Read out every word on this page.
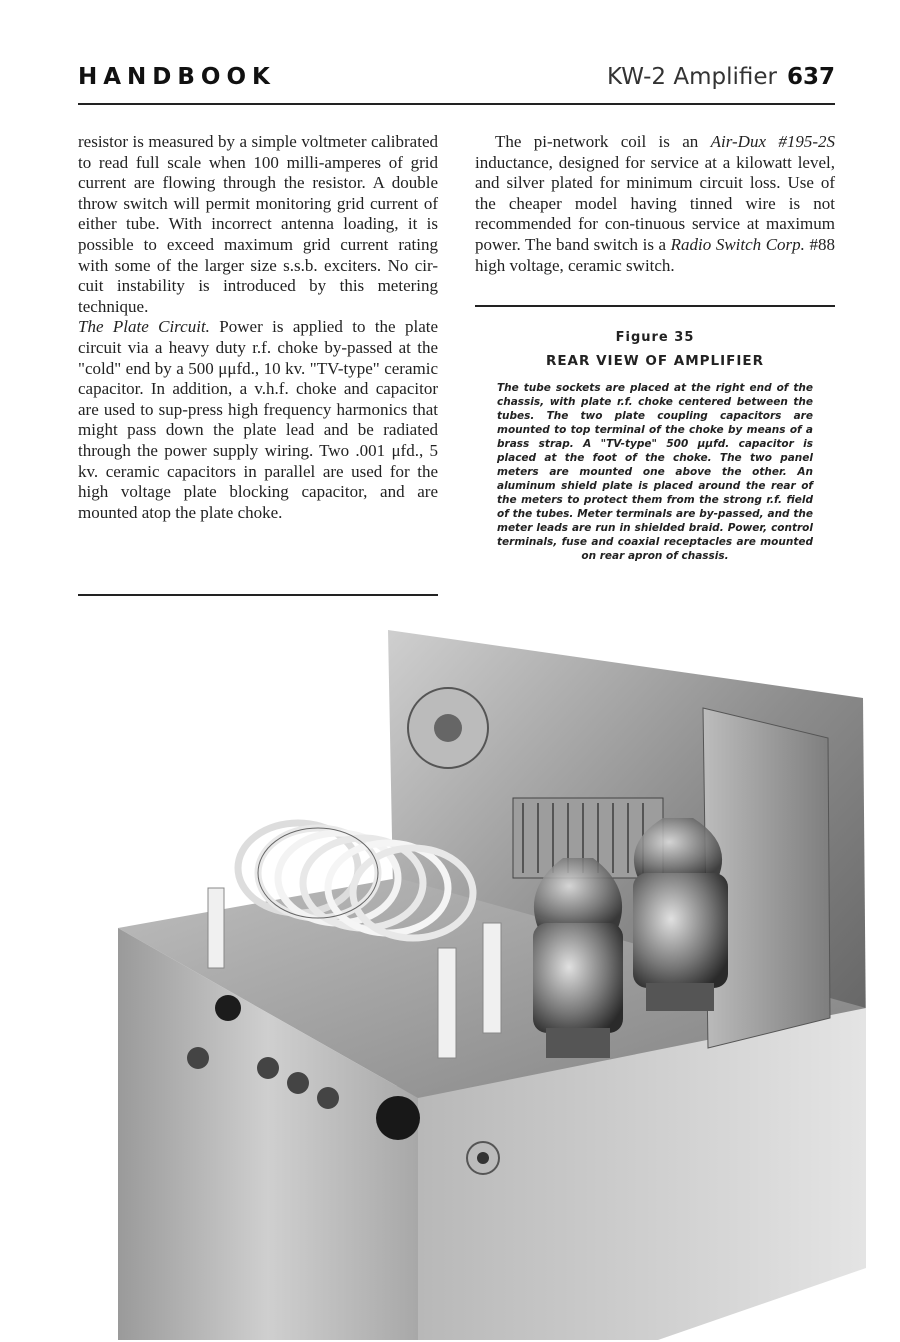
HANDBOOK	KW-2 Amplifier 637

resistor is measured by a simple voltmeter calibrated to read full scale when 100 milli-amperes of grid current are flowing through the resistor. A double throw switch will permit monitoring grid current of either tube. With incorrect antenna loading, it is possible to exceed maximum grid current rating with some of the larger size s.s.b. exciters. No cir-cuit instability is introduced by this metering technique.

The Plate Circuit. Power is applied to the plate circuit via a heavy duty r.f. choke by-passed at the "cold" end by a 500 μμfd., 10 kv. "TV-type" ceramic capacitor. In addition, a v.h.f. choke and capacitor are used to sup-press high frequency harmonics that might pass down the plate lead and be radiated through the power supply wiring. Two .001 μfd., 5 kv. ceramic capacitors in parallel are used for the high voltage plate blocking capacitor, and are mounted atop the plate choke.

The pi-network coil is an Air-Dux #195-2S inductance, designed for service at a kilowatt level, and silver plated for minimum circuit loss. Use of the cheaper model having tinned wire is not recommended for con-tinuous service at maximum power. The band switch is a Radio Switch Corp. #88 high voltage, ceramic switch.

Figure 35
REAR VIEW OF AMPLIFIER
The tube sockets are placed at the right end of the chassis, with plate r.f. choke centered between the tubes. The two plate coupling capacitors are mounted to top terminal of the choke by means of a brass strap. A "TV-type" 500 μμfd. capacitor is placed at the foot of the choke. The two panel meters are mounted one above the other. An aluminum shield plate is placed around the rear of the meters to protect them from the strong r.f. field of the tubes. Meter terminals are by-passed, and the meter leads are run in shielded braid. Power, control terminals, fuse and coaxial receptacles are mounted on rear apron of chassis.
